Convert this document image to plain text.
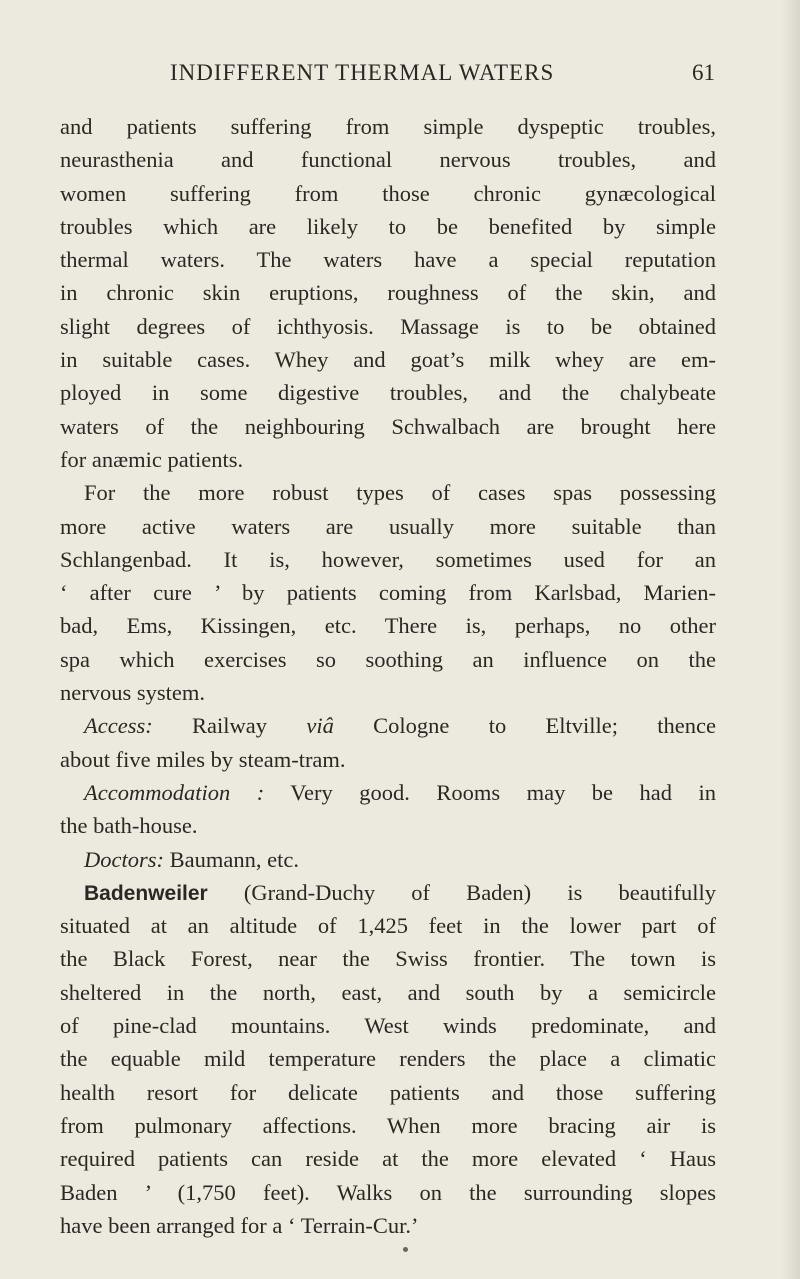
INDIFFERENT THERMAL WATERS	61
and patients suffering from simple dyspeptic troubles,
neurasthenia and functional nervous troubles, and
women suffering from those chronic gynæcological
troubles which are likely to be benefited by simple
thermal waters. The waters have a special reputation
in chronic skin eruptions, roughness of the skin, and
slight degrees of ichthyosis. Massage is to be obtained
in suitable cases. Whey and goat’s milk whey are em-
ployed in some digestive troubles, and the chalybeate
waters of the neighbouring Schwalbach are brought here
for anæmic patients.
For the more robust types of cases spas possessing
more active waters are usually more suitable than
Schlangenbad. It is, however, sometimes used for an
‘ after cure ’ by patients coming from Karlsbad, Marien-
bad, Ems, Kissingen, etc. There is, perhaps, no other
spa which exercises so soothing an influence on the
nervous system.
Access: Railway viâ Cologne to Eltville; thence
about five miles by steam-tram.
Accommodation : Very good. Rooms may be had in
the bath-house.
Doctors: Baumann, etc.
Badenweiler (Grand-Duchy of Baden) is beautifully
situated at an altitude of 1,425 feet in the lower part of
the Black Forest, near the Swiss frontier. The town is
sheltered in the north, east, and south by a semicircle
of pine-clad mountains. West winds predominate, and
the equable mild temperature renders the place a climatic
health resort for delicate patients and those suffering
from pulmonary affections. When more bracing air is
required patients can reside at the more elevated ‘ Haus
Baden ’ (1,750 feet). Walks on the surrounding slopes
have been arranged for a ‘ Terrain-Cur.’
